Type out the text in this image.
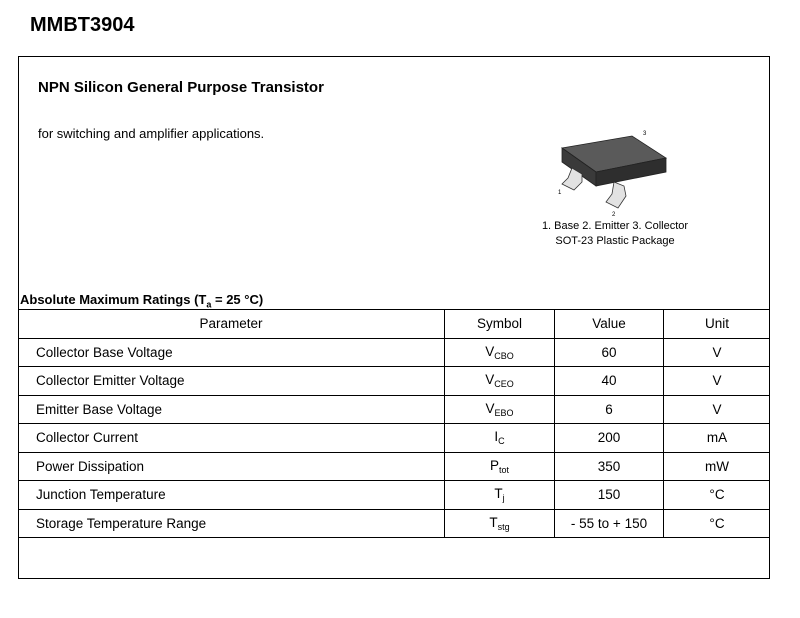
MMBT3904
NPN Silicon General Purpose Transistor
for switching and amplifier applications.	3
1
2
1. Base 2. Emitter 3. Collector
SOT-23 Plastic Package
Absolute Maximum Ratings ($T_a = 25$ °C)
Parameter	Symbol	Value	Unit
Collector Base Voltage	$V_{CBO}$	60	V
Collector Emitter Voltage	$V_{CEO}$	40	V
Emitter Base Voltage	$V_{EBO}$	6	V
Collector Current	$I_C$	200	mA
Power Dissipation	$P_{tot}$	350	mW
Junction Temperature	$T_j$	150	°C
Storage Temperature Range	$T_{stg}$	- 55 to + 150	°C
